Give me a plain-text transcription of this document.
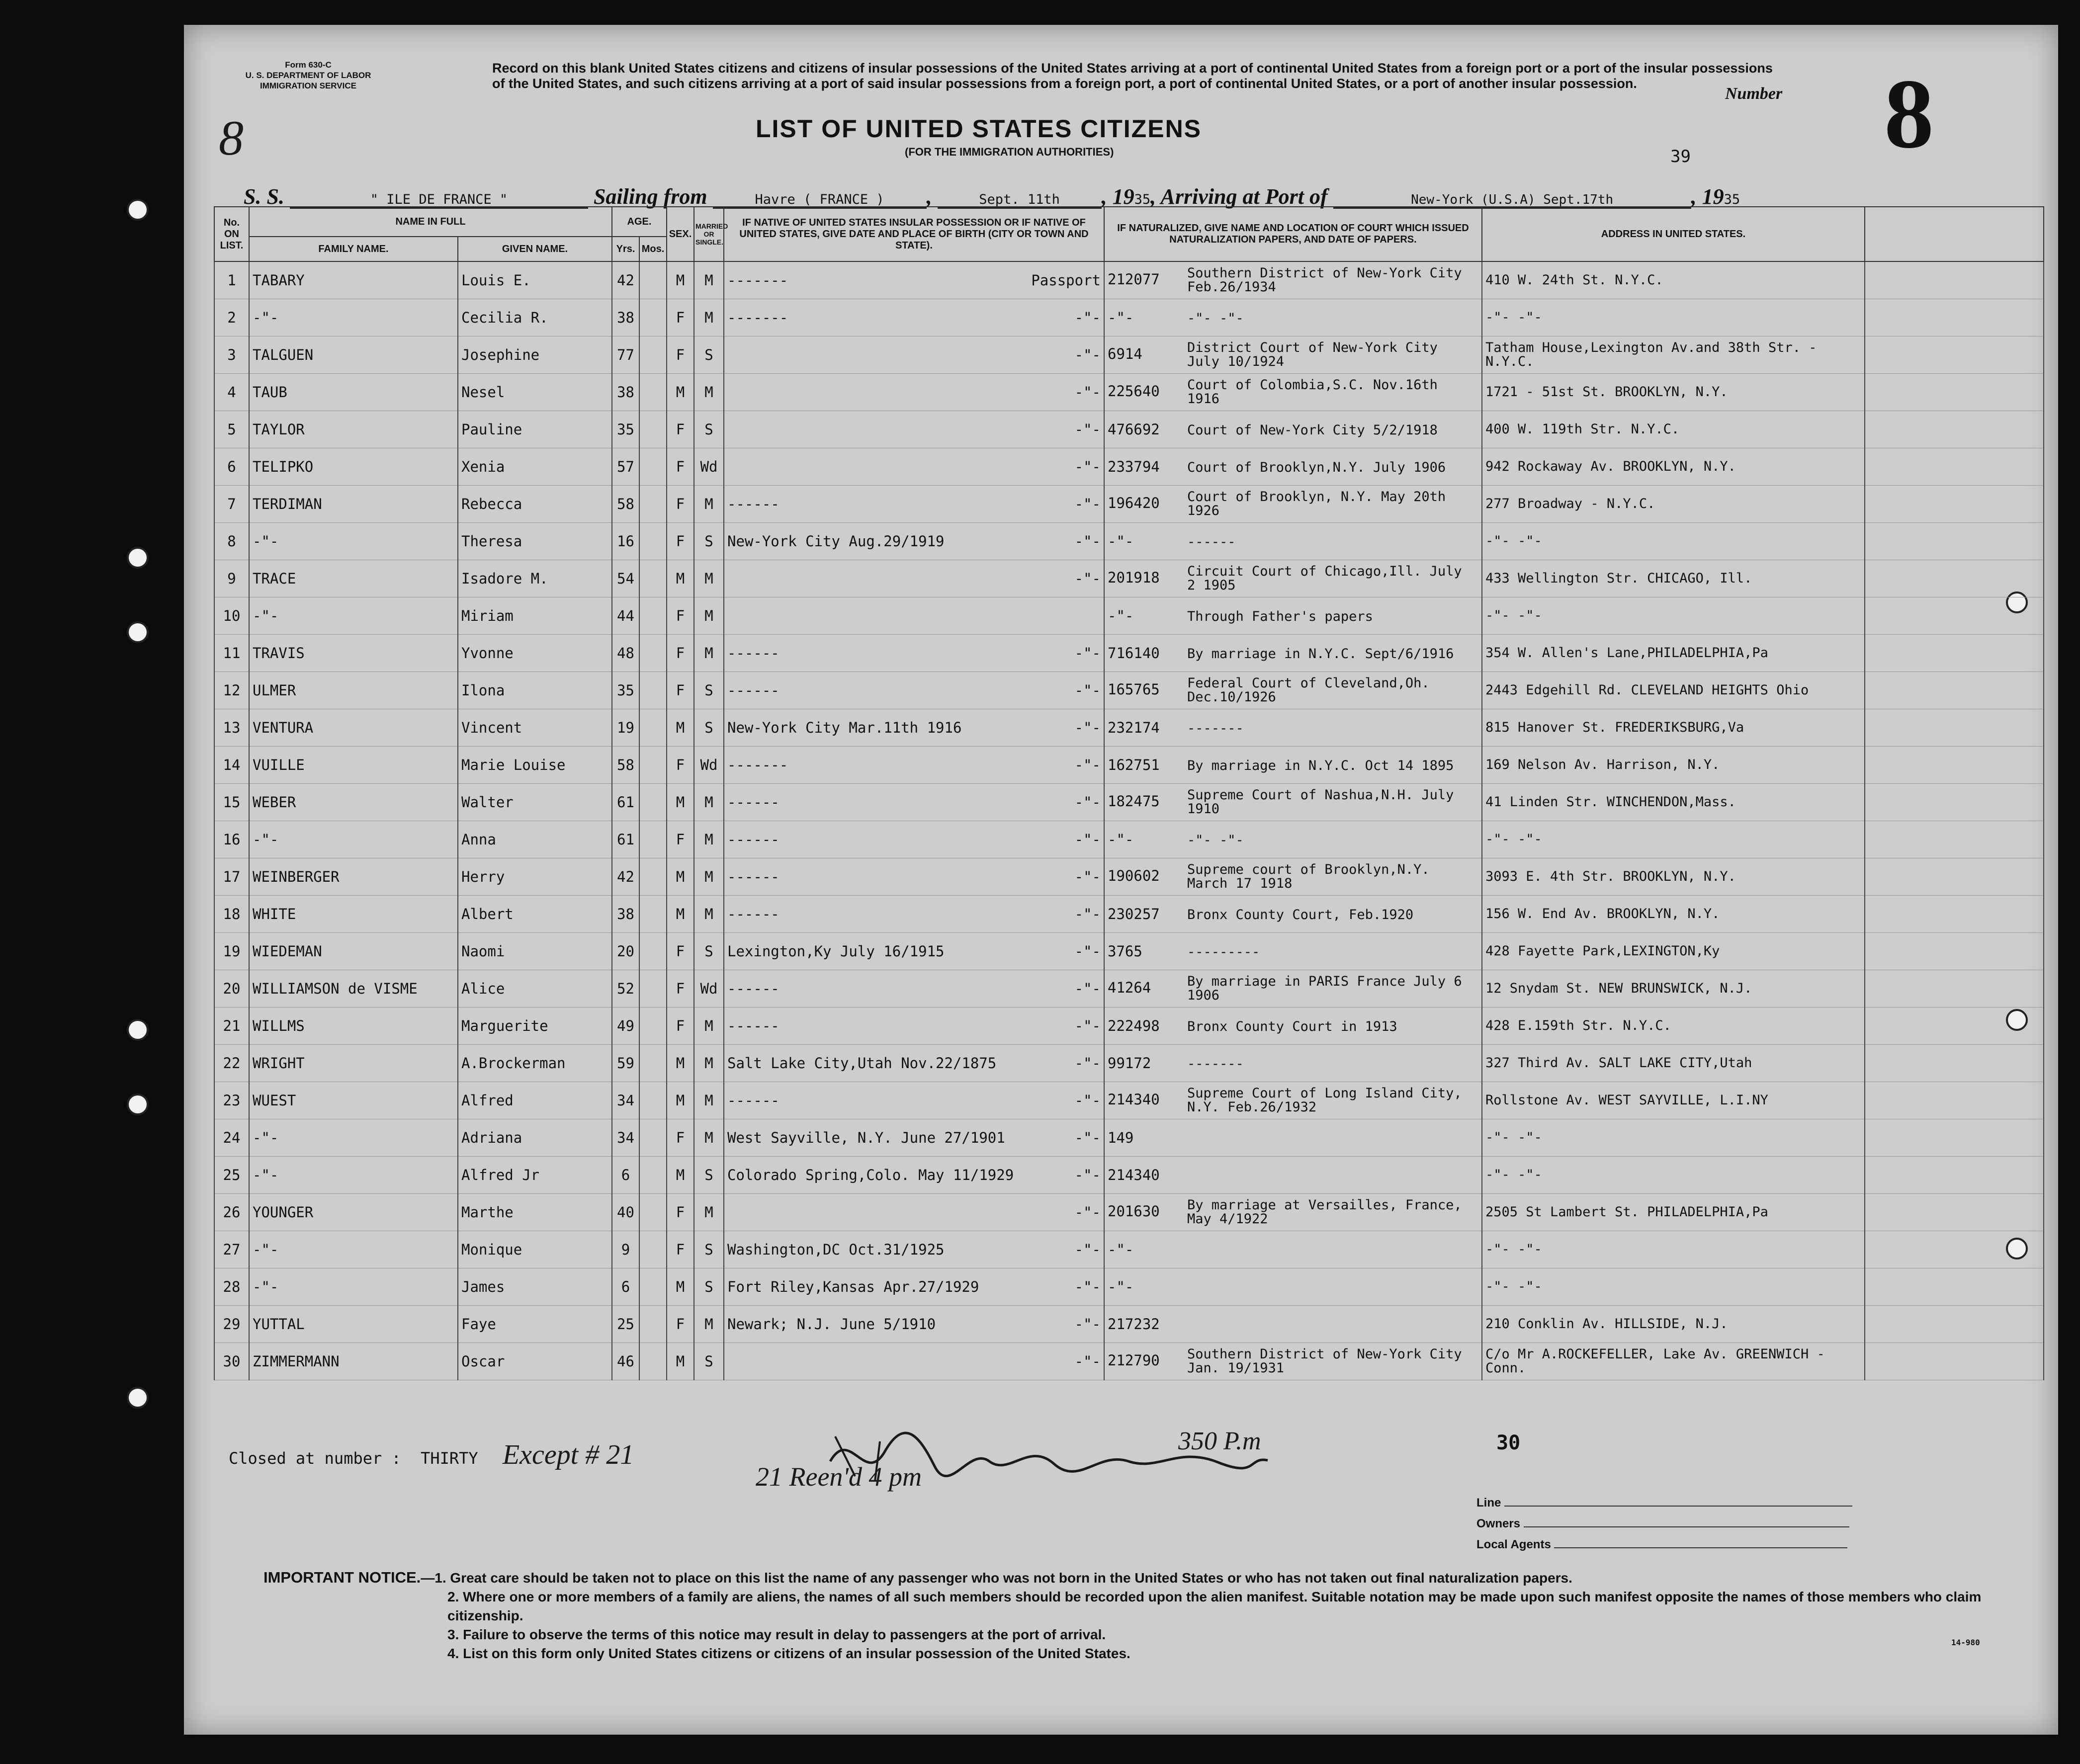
Form 630-C
U. S. DEPARTMENT OF LABOR
IMMIGRATION SERVICE
8
Record on this blank United States citizens and citizens of insular possessions of the United States arriving at a port of continental United States from a foreign port or a port of the insular possessions of the United States, and such citizens arriving at a port of said insular possessions from a foreign port, a port of continental United States, or a port of another insular possession.
LIST OF UNITED STATES CITIZENS
(FOR THE IMMIGRATION AUTHORITIES)
Number 8
39
S. S.	" ILE DE FRANCE "	Sailing from	Havre ( FRANCE ) ,	Sept. 11th , 1935, Arriving at Port of	New-York (U.S.A) Sept.17th	, 1935
No. ON LIST.	NAME IN FULL		AGE.		SEX.	MARRIED OR SINGLE.	IF NATIVE OF UNITED STATES INSULAR POSSESSION OR IF NATIVE OF UNITED STATES, GIVE DATE AND PLACE OF BIRTH (CITY OR TOWN AND STATE).	IF NATURALIZED, GIVE NAME AND LOCATION OF COURT WHICH ISSUED NATURALIZATION PAPERS, AND DATE OF PAPERS.	ADDRESS IN UNITED STATES.	
	FAMILY NAME.	GIVEN NAME.	Yrs.	Mos.						
1	TABARY	Louis E.	42		M	M	------- Passport	212077 Southern District of New-York City Feb.26/1934	410 W. 24th St. N.Y.C.	
2	-"-	Cecilia R.	38		F	M	------- -"-	-"- -"- -"-	-"- -"-	
3	TALGUEN	Josephine	77		F	S	-"-	6914 District Court of New-York City July 10/1924	Tatham House,Lexington Av.and 38th Str. - N.Y.C.	
4	TAUB	Nesel	38		M	M	-"-	225640 Court of Colombia,S.C. Nov.16th 1916	1721 - 51st St. BROOKLYN, N.Y.	
5	TAYLOR	Pauline	35		F	S	-"-	476692 Court of New-York City 5/2/1918	400 W. 119th Str. N.Y.C.	
6	TELIPKO	Xenia	57		F	Wd	-"-	233794 Court of Brooklyn,N.Y. July 1906	942 Rockaway Av. BROOKLYN, N.Y.	
7	TERDIMAN	Rebecca	58		F	M	------ -"-	196420 Court of Brooklyn, N.Y. May 20th 1926	277 Broadway - N.Y.C.	
8	-"-	Theresa	16		F	S	New-York City Aug.29/1919 -"-	-"- ------	-"- -"-	
9	TRACE	Isadore M.	54		M	M	-"-	201918 Circuit Court of Chicago,Ill. July 2 1905	433 Wellington Str. CHICAGO, Ill.	
10	-"-	Miriam	44		F	M		-"- Through Father's papers	-"- -"-	
11	TRAVIS	Yvonne	48		F	M	------ -"-	716140 By marriage in N.Y.C. Sept/6/1916	354 W. Allen's Lane,PHILADELPHIA,Pa	
12	ULMER	Ilona	35		F	S	------ -"-	165765 Federal Court of Cleveland,Oh. Dec.10/1926	2443 Edgehill Rd. CLEVELAND HEIGHTS Ohio	
13	VENTURA	Vincent	19		M	S	New-York City Mar.11th 1916 -"-	232174 -------	815 Hanover St. FREDERIKSBURG,Va	
14	VUILLE	Marie Louise	58		F	Wd	------- -"-	162751 By marriage in N.Y.C. Oct 14 1895	169 Nelson Av. Harrison, N.Y.	
15	WEBER	Walter	61		M	M	------ -"-	182475 Supreme Court of Nashua,N.H. July 1910	41 Linden Str. WINCHENDON,Mass.	
16	-"-	Anna	61		F	M	------ -"-	-"- -"- -"-	-"- -"-	
17	WEINBERGER	Herry	42		M	M	------ -"-	190602 Supreme court of Brooklyn,N.Y. March 17 1918	3093 E. 4th Str. BROOKLYN, N.Y.	
18	WHITE	Albert	38		M	M	------ -"-	230257 Bronx County Court, Feb.1920	156 W. End Av. BROOKLYN, N.Y.	
19	WIEDEMAN	Naomi	20		F	S	Lexington,Ky July 16/1915 -"-	3765 ---------	428 Fayette Park,LEXINGTON,Ky	
20	WILLIAMSON de VISME	Alice	52		F	Wd	------ -"-	41264 By marriage in PARIS France July 6 1906	12 Snydam St. NEW BRUNSWICK, N.J.	
21	WILLMS	Marguerite	49		F	M	------ -"-	222498 Bronx County Court in 1913	428 E.159th Str. N.Y.C.	
22	WRIGHT	A.Brockerman	59		M	M	Salt Lake City,Utah Nov.22/1875 -"-	99172 -------	327 Third Av. SALT LAKE CITY,Utah	
23	WUEST	Alfred	34		M	M	------ -"-	214340 Supreme Court of Long Island City, N.Y. Feb.26/1932	Rollstone Av. WEST SAYVILLE, L.I.NY	
24	-"-	Adriana	34		F	M	West Sayville, N.Y. June 27/1901 -"-	149	-"- -"-	
25	-"-	Alfred Jr	6		M	S	Colorado Spring,Colo. May 11/1929 -"-	214340	-"- -"-	
26	YOUNGER	Marthe	40		F	M	-"-	201630 By marriage at Versailles, France, May 4/1922	2505 St Lambert St. PHILADELPHIA,Pa	
27	-"-	Monique	9		F	S	Washington,DC Oct.31/1925 -"-	-"-	-"- -"-	
28	-"-	James	6		M	S	Fort Riley,Kansas Apr.27/1929 -"-	-"-	-"- -"-	
29	YUTTAL	Faye	25		F	M	Newark; N.J. June 5/1910 -"-	217232	210 Conklin Av. HILLSIDE, N.J.	
30	ZIMMERMANN	Oscar	46		M	S	-"-	212790 Southern District of New-York City Jan. 19/1931	C/o Mr A.ROCKEFELLER, Lake Av. GREENWICH - Conn.	
Closed at number : THIRTY Except # 21	350 P.m
21 Reen'd 4 pm
30
Line
Owners
Local Agents
IMPORTANT NOTICE.—1. Great care should be taken not to place on this list the name of any passenger who was not born in the United States or who has not taken out final naturalization papers.
2. Where one or more members of a family are aliens, the names of all such members should be recorded upon the alien manifest. Suitable notation may be made upon such manifest opposite the names of those members who claim citizenship.
3. Failure to observe the terms of this notice may result in delay to passengers at the port of arrival.
4. List on this form only United States citizens or citizens of an insular possession of the United States.
14-980
